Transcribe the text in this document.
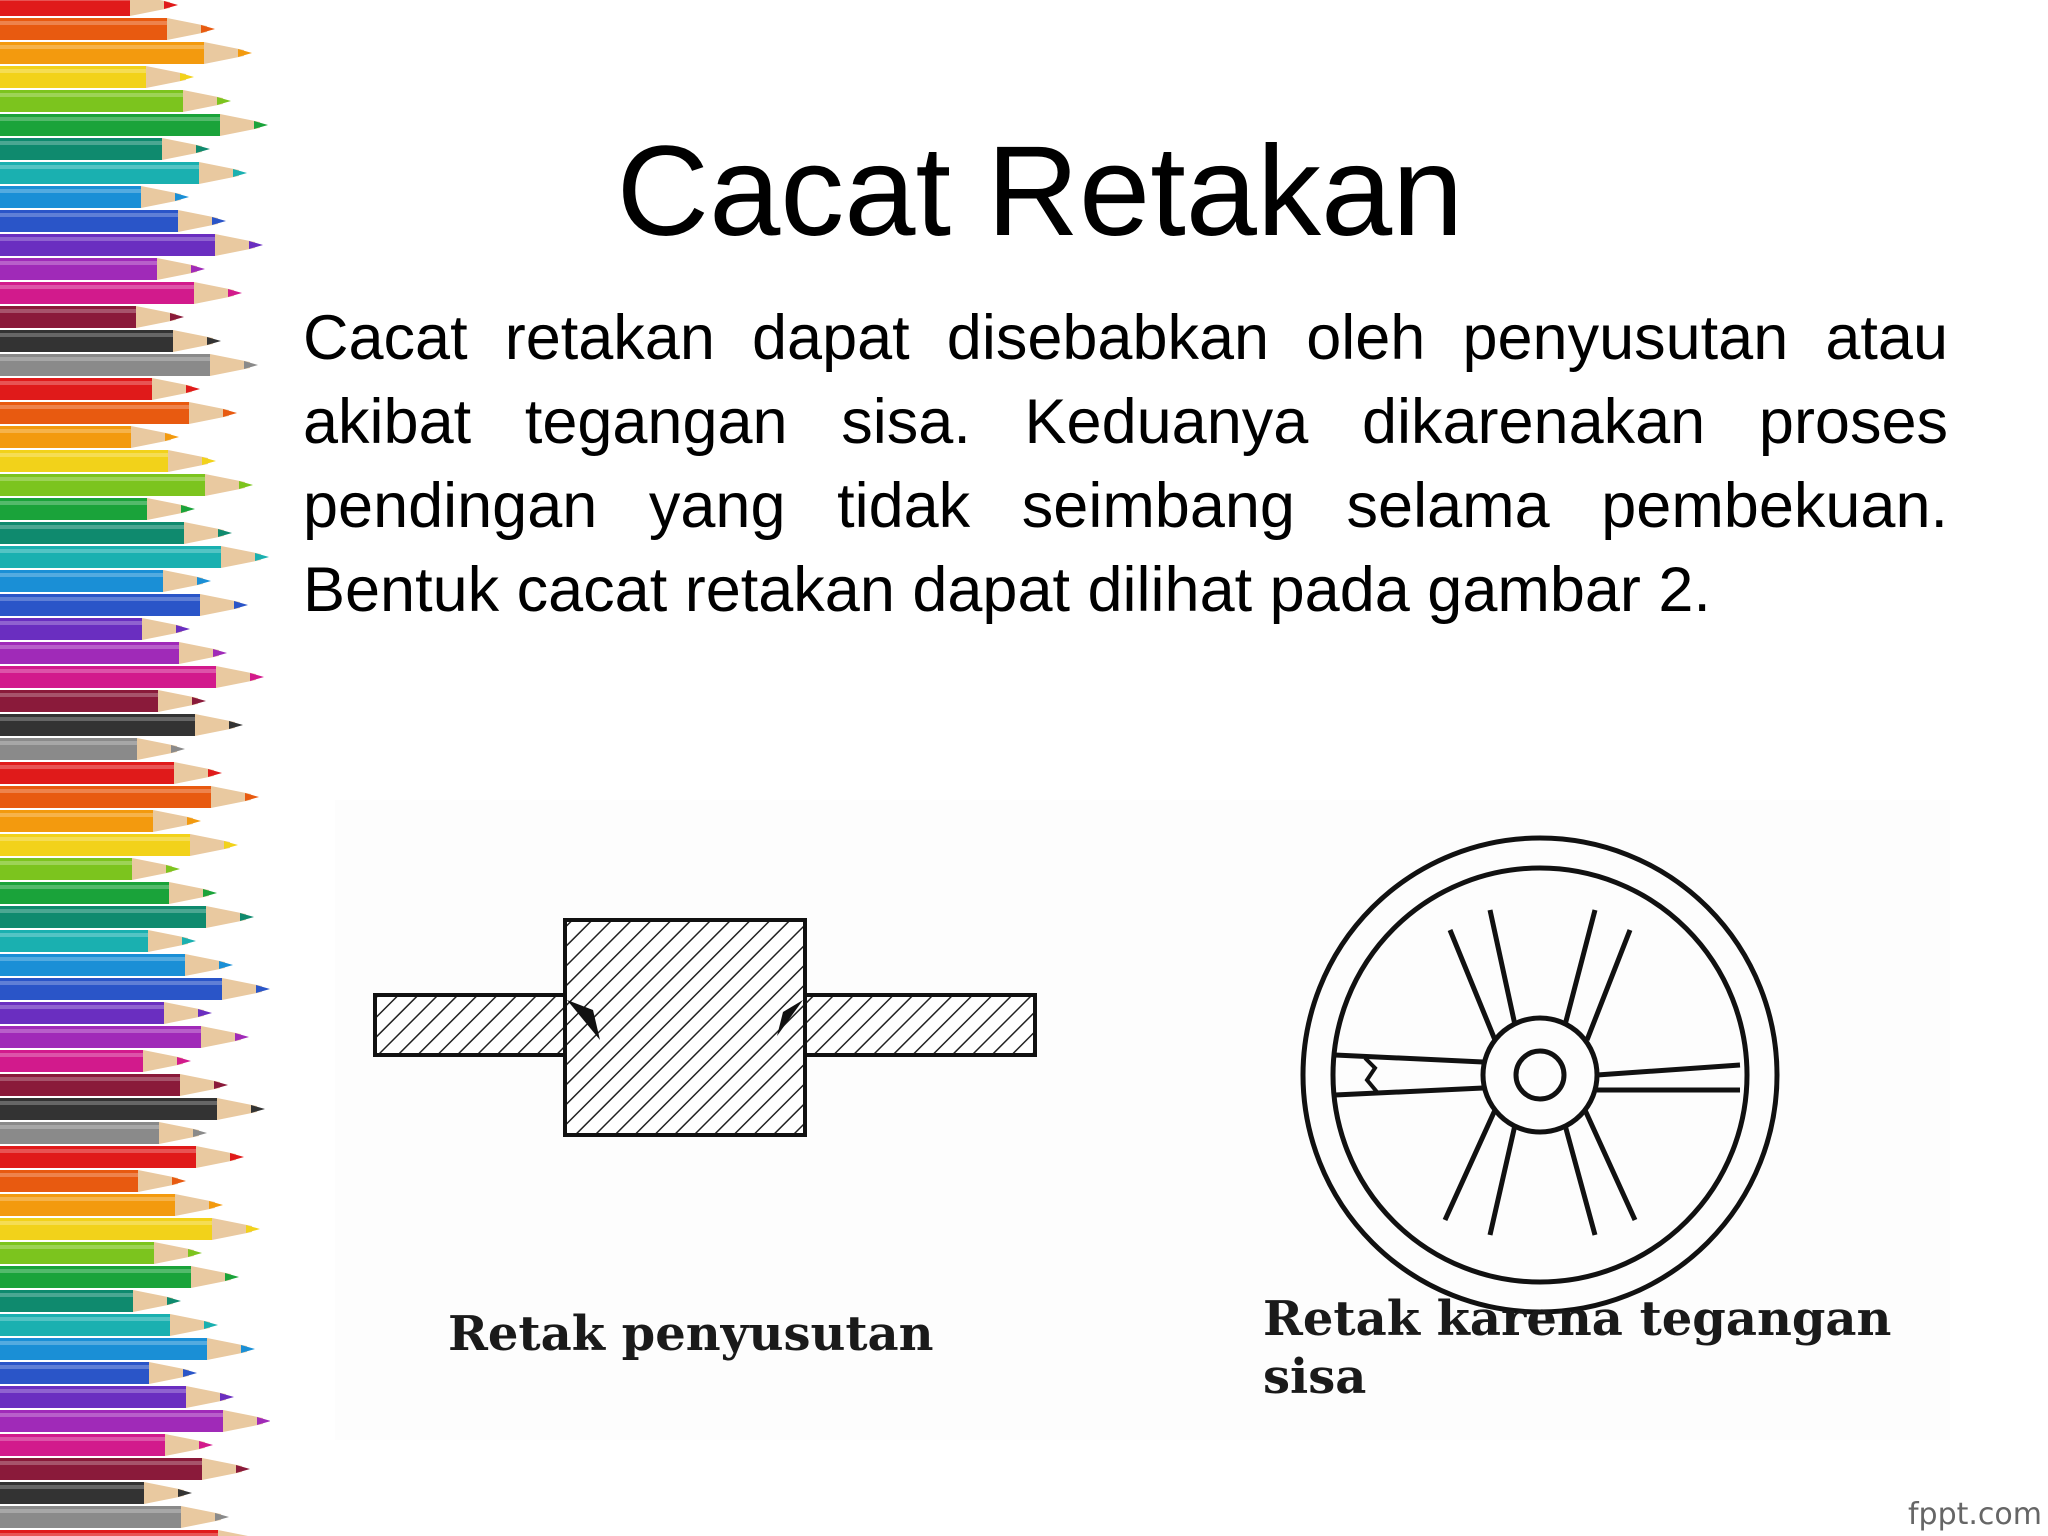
Cacat Retakan
Cacat retakan dapat disebabkan oleh penyusutan atau akibat tegangan sisa. Keduanya dikarenakan proses pendingan yang tidak seimbang selama pembekuan. Bentuk cacat retakan dapat dilihat pada gambar 2.
Retak penyusutan	Retak karena tegangan sisa
fppt.com
